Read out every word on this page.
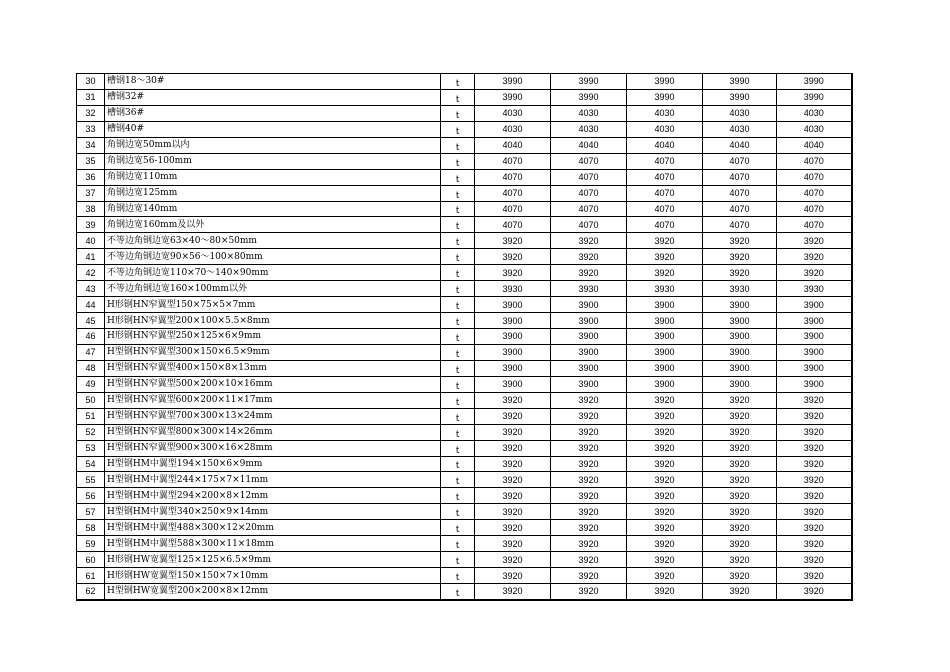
30	槽钢18～30#	t	3990	3990	3990	3990	3990
31	槽钢32#	t	3990	3990	3990	3990	3990
32	槽钢36#	t	4030	4030	4030	4030	4030
33	槽钢40#	t	4030	4030	4030	4030	4030
34	角钢边宽50mm以内	t	4040	4040	4040	4040	4040
35	角钢边宽56-100mm	t	4070	4070	4070	4070	4070
36	角钢边宽110mm	t	4070	4070	4070	4070	4070
37	角钢边宽125mm	t	4070	4070	4070	4070	4070
38	角钢边宽140mm	t	4070	4070	4070	4070	4070
39	角钢边宽160mm及以外	t	4070	4070	4070	4070	4070
40	不等边角钢边宽63×40～80×50mm	t	3920	3920	3920	3920	3920
41	不等边角钢边宽90×56～100×80mm	t	3920	3920	3920	3920	3920
42	不等边角钢边宽110×70～140×90mm	t	3920	3920	3920	3920	3920
43	不等边角钢边宽160×100mm以外	t	3930	3930	3930	3930	3930
44	H形钢HN窄翼型150×75×5×7mm	t	3900	3900	3900	3900	3900
45	H形钢HN窄翼型200×100×5.5×8mm	t	3900	3900	3900	3900	3900
46	H形钢HN窄翼型250×125×6×9mm	t	3900	3900	3900	3900	3900
47	H型钢HN窄翼型300×150×6.5×9mm	t	3900	3900	3900	3900	3900
48	H型钢HN窄翼型400×150×8×13mm	t	3900	3900	3900	3900	3900
49	H型钢HN窄翼型500×200×10×16mm	t	3900	3900	3900	3900	3900
50	H型钢HN窄翼型600×200×11×17mm	t	3920	3920	3920	3920	3920
51	H型钢HN窄翼型700×300×13×24mm	t	3920	3920	3920	3920	3920
52	H型钢HN窄翼型800×300×14×26mm	t	3920	3920	3920	3920	3920
53	H型钢HN窄翼型900×300×16×28mm	t	3920	3920	3920	3920	3920
54	H型钢HM中翼型194×150×6×9mm	t	3920	3920	3920	3920	3920
55	H型钢HM中翼型244×175×7×11mm	t	3920	3920	3920	3920	3920
56	H型钢HM中翼型294×200×8×12mm	t	3920	3920	3920	3920	3920
57	H型钢HM中翼型340×250×9×14mm	t	3920	3920	3920	3920	3920
58	H型钢HM中翼型488×300×12×20mm	t	3920	3920	3920	3920	3920
59	H型钢HM中翼型588×300×11×18mm	t	3920	3920	3920	3920	3920
60	H形钢HW宽翼型125×125×6.5×9mm	t	3920	3920	3920	3920	3920
61	H形钢HW宽翼型150×150×7×10mm	t	3920	3920	3920	3920	3920
62	H型钢HW宽翼型200×200×8×12mm	t	3920	3920	3920	3920	3920
